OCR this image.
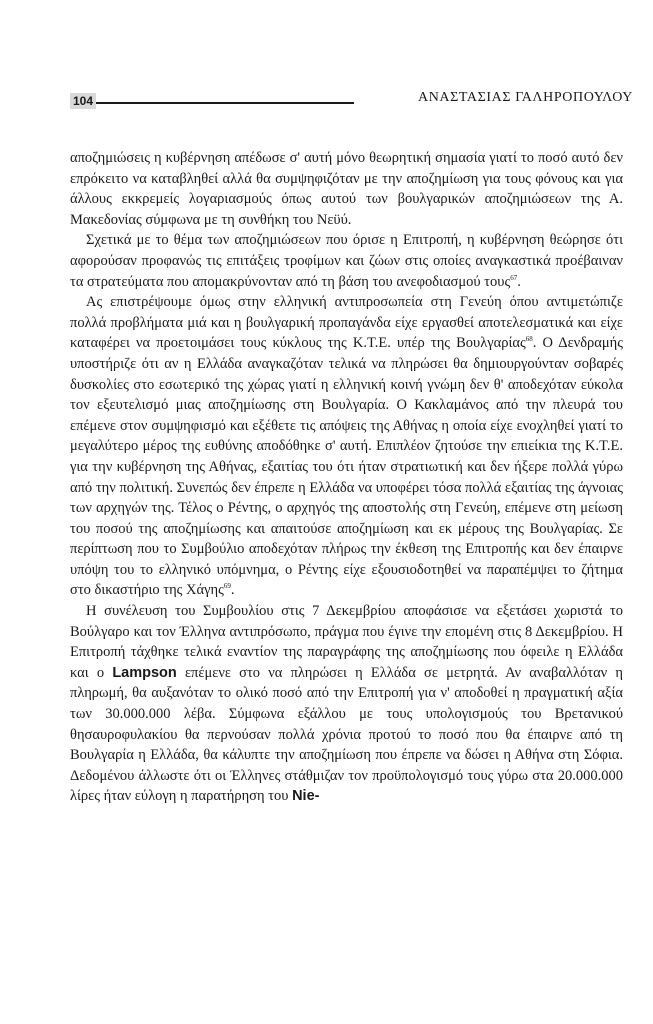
104	ΑΝΑΣΤΑΣΙΑΣ ΓΑΛΗΡΟΠΟΥΛΟΥ

αποζημιώσεις η κυβέρνηση απέδωσε σ' αυτή μόνο θεωρητική σημασία γιατί το ποσό αυτό δεν επρόκειτο να καταβληθεί αλλά θα συμψηφιζόταν με την αποζημίωση για τους φόνους και για άλλους εκκρεμείς λογαριασμούς όπως αυτού των βουλγαρικών αποζημιώσεων της Α. Μακεδονίας σύμφωνα με τη συνθήκη του Νεϋύ.

Σχετικά με το θέμα των αποζημιώσεων που όρισε η Επιτροπή, η κυβέρνηση θεώρησε ότι αφορούσαν προφανώς τις επιτάξεις τροφίμων και ζώων στις οποίες αναγκαστικά προέβαιναν τα στρατεύματα που απομακρύνονταν από τη βάση του ανεφοδιασμού τους$^{67}$.

Ας επιστρέψουμε όμως στην ελληνική αντιπροσωπεία στη Γενεύη όπου αντιμετώπιζε πολλά προβλήματα μιά και η βουλγαρική προπαγάνδα είχε εργασθεί αποτελεσματικά και είχε καταφέρει να προετοιμάσει τους κύκλους της Κ.Τ.Ε. υπέρ της Βουλγαρίας$^{68}$. Ο Δενδραμής υποστήριζε ότι αν η Ελλάδα αναγκαζόταν τελικά να πληρώσει θα δημιουργούνταν σοβαρές δυσκολίες στο εσωτερικό της χώρας γιατί η ελληνική κοινή γνώμη δεν θ' αποδεχόταν εύκολα τον εξευτελισμό μιας αποζημίωσης στη Βουλγαρία. Ο Κακλαμάνος από την πλευρά του επέμενε στον συμψηφισμό και εξέθετε τις απόψεις της Αθήνας η οποία είχε ενοχληθεί γιατί το μεγαλύτερο μέρος της ευθύνης αποδόθηκε σ' αυτή. Επιπλέον ζητούσε την επιείκια της Κ.Τ.Ε. για την κυβέρνηση της Αθήνας, εξαιτίας του ότι ήταν στρατιωτική και δεν ήξερε πολλά γύρω από την πολιτική. Συνεπώς δεν έπρεπε η Ελλάδα να υποφέρει τόσα πολλά εξαιτίας της άγνοιας των αρχηγών της. Τέλος ο Ρέντης, ο αρχηγός της αποστολής στη Γενεύη, επέμενε στη μείωση του ποσού της αποζημίωσης και απαιτούσε αποζημίωση και εκ μέρους της Βουλγαρίας. Σε περίπτωση που το Συμβούλιο αποδεχόταν πλήρως την έκθεση της Επιτροπής και δεν έπαιρνε υπόψη του το ελληνικό υπόμνημα, ο Ρέντης είχε εξουσιοδοτηθεί να παραπέμψει το ζήτημα στο δικαστήριο της Χάγης$^{69}$.

Η συνέλευση του Συμβουλίου στις 7 Δεκεμβρίου αποφάσισε να εξετάσει χωριστά το Βούλγαρο και τον Έλληνα αντιπρόσωπο, πράγμα που έγινε την επομένη στις 8 Δεκεμβρίου. Η Επιτροπή τάχθηκε τελικά εναντίον της παραγράφης της αποζημίωσης που όφειλε η Ελλάδα και ο Lampson επέμενε στο να πληρώσει η Ελλάδα σε μετρητά. Αν αναβαλλόταν η πληρωμή, θα αυξανόταν το ολικό ποσό από την Επιτροπή για ν' αποδοθεί η πραγματική αξία των 30.000.000 λέβα. Σύμφωνα εξάλλου με τους υπολογισμούς του Βρετανικού θησαυροφυλακίου θα περνούσαν πολλά χρόνια προτού το ποσό που θα έπαιρνε από τη Βουλγαρία η Ελλάδα, θα κάλυπτε την αποζημίωση που έπρεπε να δώσει η Αθήνα στη Σόφια. Δεδομένου άλλωστε ότι οι Έλληνες στάθμιζαν τον προϋπολογισμό τους γύρω στα 20.000.000 λίρες ήταν εύλογη η παρατήρηση του Nie-
